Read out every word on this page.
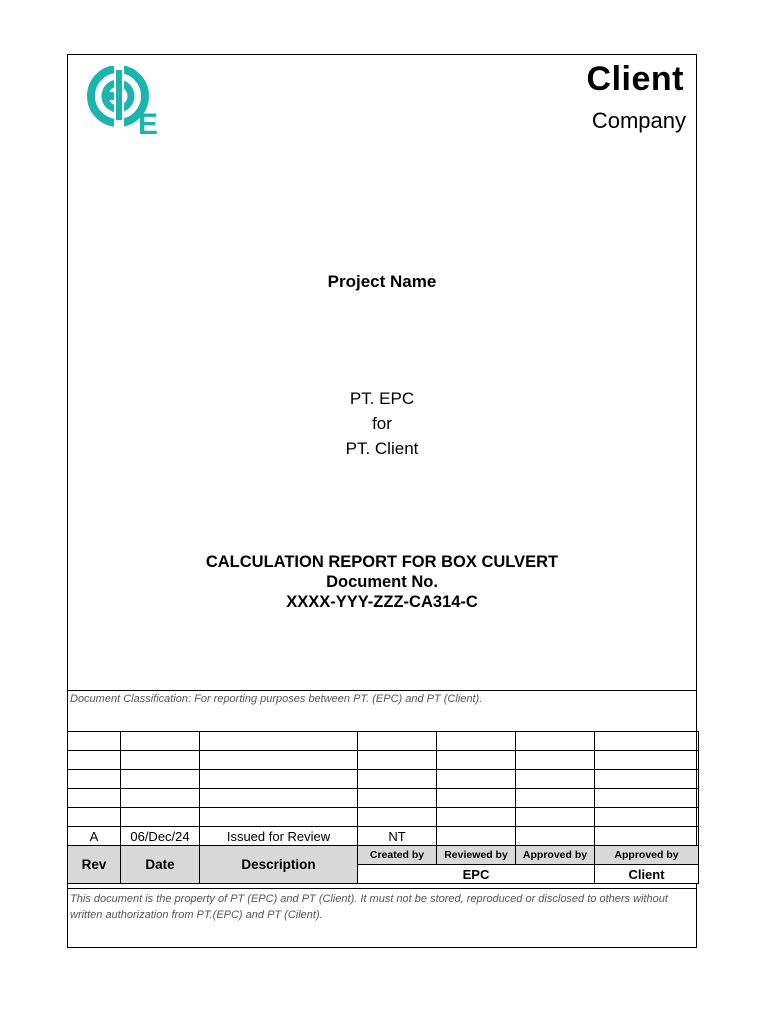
E
Client
Company
Project Name
PT. EPC
for
PT. Client
CALCULATION REPORT FOR BOX CULVERT
Document No.
XXXX-YYY-ZZZ-CA314-C
Document Classification: For reporting purposes between PT. (EPC) and PT (Client).

A	06/Dec/24	Issued for Review	NT			
Rev	Date	Description	Created by	Reviewed by	Approved by	Approved by
			EPC			Client
This document is the property of PT (EPC) and PT (Client). It must not be stored, reproduced or disclosed to others without written authorization from PT.(EPC) and PT (Cilent).
